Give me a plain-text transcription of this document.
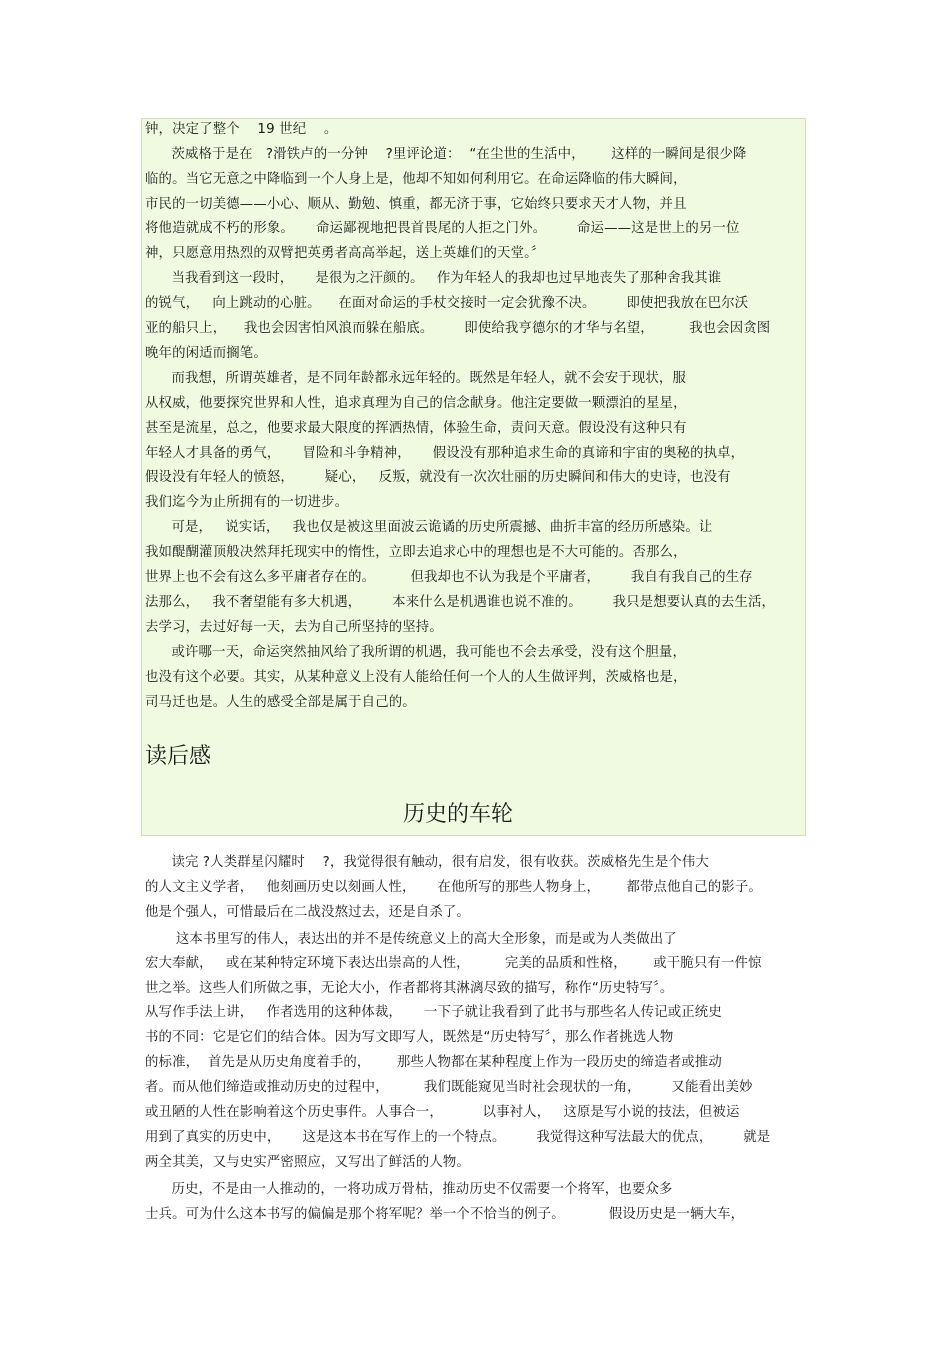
钟，决定了整个    19 世纪    。
茨威格于是在   ?滑铁卢的一分钟    ?里评论道：  “在尘世的生活中，      这样的一瞬间是很少降
临的。当它无意之中降临到一个人身上是，他却不知如何利用它。在命运降临的伟大瞬间，
市民的一切美德——小心、顺从、勤勉、慎重，都无济于事，它始终只要求天才人物，并且
将他造就成不朽的形象。     命运鄙视地把畏首畏尾的人拒之门外。       命运——这是世上的另一位
神，只愿意用热烈的双臂把英勇者高高举起，送上英雄们的天堂。〞
当我看到这一段时，     是很为之汗颜的。   作为年轻人的我却也过早地丧失了那种舍我其谁
的锐气，   向上跳动的心脏。    在面对命运的手杖交接时一定会犹豫不决。       即使把我放在巴尔沃
亚的船只上，    我也会因害怕风浪而躲在船底。       即使给我亨德尔的才华与名望，        我也会因贪图
晚年的闲适而搁笔。
而我想，所谓英雄者，是不同年龄都永远年轻的。既然是年轻人，就不会安于现状，服
从权威，他要探究世界和人性，追求真理为自己的信念献身。他注定要做一颗漂泊的星星，
甚至是流星，总之，他要求最大限度的挥洒热情，体验生命，责问天意。假设没有这种只有
年轻人才具备的勇气，     冒险和斗争精神，     假设没有那种追求生命的真谛和宇宙的奥秘的执卓，
假设没有年轻人的愤怒，       疑心，   反叛，就没有一次次壮丽的历史瞬间和伟大的史诗，也没有
我们迄今为止所拥有的一切进步。
可是，   说实话，   我也仅是被这里面波云诡谲的历史所震撼、曲折丰富的经历所感染。让
我如醍醐灌顶般决然拜托现实中的惰性，立即去追求心中的理想也是不大可能的。否那么，
世界上也不会有这么多平庸者存在的。        但我却也不认为我是个平庸者，       我自有我自己的生存
法那么，   我不奢望能有多大机遇，       本来什么是机遇谁也说不准的。       我只是想要认真的去生活，
去学习，去过好每一天，去为自己所坚持的坚持。
或许哪一天，命运突然抽风给了我所谓的机遇，我可能也不会去承受，没有这个胆量，
也没有这个必要。其实，从某种意义上没有人能给任何一个人的人生做评判，茨威格也是，
司马迁也是。人生的感受全部是属于自己的。
读后感
历史的车轮
读完 ?人类群星闪耀时    ?，我觉得很有触动，很有启发，很有收获。茨威格先生是个伟大
的人文主义学者，   他刻画历史以刻画人性，     在他所写的那些人物身上，      都带点他自己的影子。
他是个强人，可惜最后在二战没熬过去，还是自杀了。
这本书里写的伟人，表达出的并不是传统意义上的高大全形象，而是或为人类做出了
宏大奉献，   或在某种特定环境下表达出崇高的人性，        完美的品质和性格，      或干脆只有一件惊
世之举。这些人们所做之事，无论大小，作者都将其淋漓尽致的描写，称作“历史特写〞。
从写作手法上讲，   作者选用的这种体裁，     一下子就让我看到了此书与那些名人传记或正统史
书的不同：它是它们的结合体。因为写文即写人，既然是“历史特写〞，那么作者挑选人物
的标准，  首先是从历史角度着手的，      那些人物都在某种程度上作为一段历史的缔造者或推动
者。而从他们缔造或推动历史的过程中，        我们既能窥见当时社会现状的一角，       又能看出美妙
或丑陋的人性在影响着这个历史事件。人事合一，         以事衬人，   这原是写小说的技法，但被运
用到了真实的历史中，     这是这本书在写作上的一个特点。       我觉得这种写法最大的优点，       就是
两全其美，又与史实严密照应，又写出了鲜活的人物。
历史，不是由一人推动的，一将功成万骨枯，推动历史不仅需要一个将军，也要众多
士兵。可为什么这本书写的偏偏是那个将军呢？举一个不恰当的例子。          假设历史是一辆大车，
